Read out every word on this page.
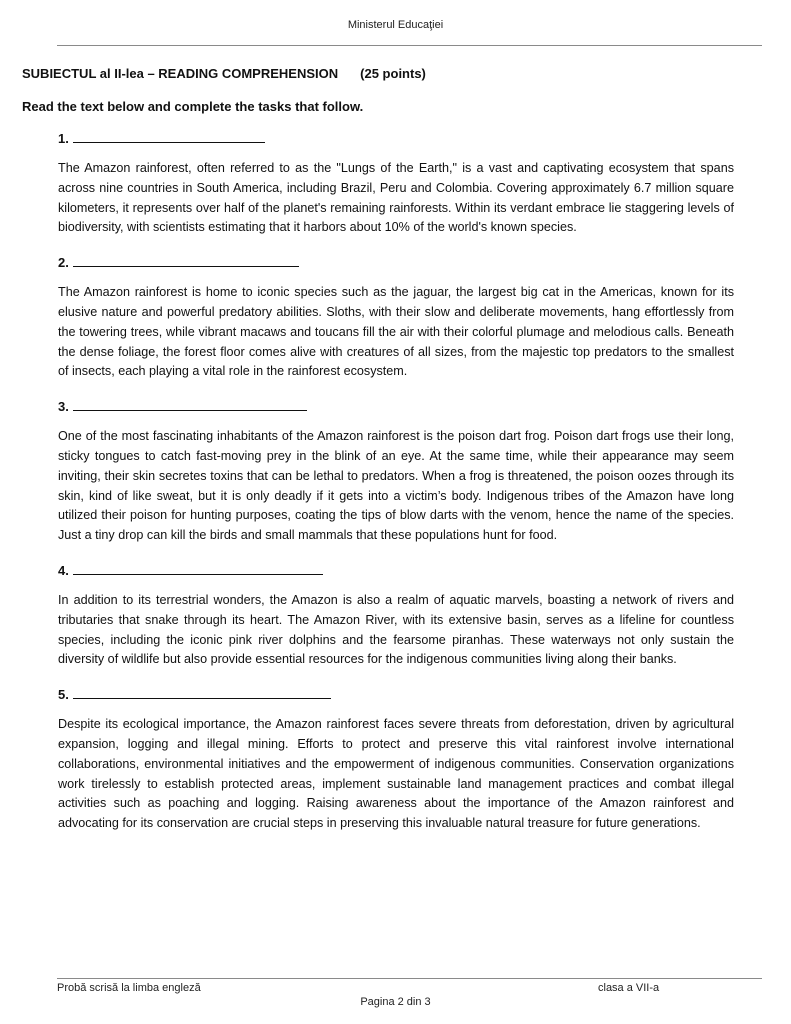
Ministerul Educaţiei
SUBIECTUL al II-lea – READING COMPREHENSION (25 points)
Read the text below and complete the tasks that follow.
1.

The Amazon rainforest, often referred to as the "Lungs of the Earth," is a vast and captivating ecosystem that spans across nine countries in South America, including Brazil, Peru and Colombia. Covering approximately 6.7 million square kilometers, it represents over half of the planet's remaining rainforests. Within its verdant embrace lie staggering levels of biodiversity, with scientists estimating that it harbors about 10% of the world's known species.

2.

The Amazon rainforest is home to iconic species such as the jaguar, the largest big cat in the Americas, known for its elusive nature and powerful predatory abilities. Sloths, with their slow and deliberate movements, hang effortlessly from the towering trees, while vibrant macaws and toucans fill the air with their colorful plumage and melodious calls. Beneath the dense foliage, the forest floor comes alive with creatures of all sizes, from the majestic top predators to the smallest of insects, each playing a vital role in the rainforest ecosystem.

3.

One of the most fascinating inhabitants of the Amazon rainforest is the poison dart frog. Poison dart frogs use their long, sticky tongues to catch fast-moving prey in the blink of an eye. At the same time, while their appearance may seem inviting, their skin secretes toxins that can be lethal to predators. When a frog is threatened, the poison oozes through its skin, kind of like sweat, but it is only deadly if it gets into a victim’s body. Indigenous tribes of the Amazon have long utilized their poison for hunting purposes, coating the tips of blow darts with the venom, hence the name of the species. Just a tiny drop can kill the birds and small mammals that these populations hunt for food.

4.

In addition to its terrestrial wonders, the Amazon is also a realm of aquatic marvels, boasting a network of rivers and tributaries that snake through its heart. The Amazon River, with its extensive basin, serves as a lifeline for countless species, including the iconic pink river dolphins and the fearsome piranhas. These waterways not only sustain the diversity of wildlife but also provide essential resources for the indigenous communities living along their banks.

5.

Despite its ecological importance, the Amazon rainforest faces severe threats from deforestation, driven by agricultural expansion, logging and illegal mining. Efforts to protect and preserve this vital rainforest involve international collaborations, environmental initiatives and the empowerment of indigenous communities. Conservation organizations work tirelessly to establish protected areas, implement sustainable land management practices and combat illegal activities such as poaching and logging. Raising awareness about the importance of the Amazon rainforest and advocating for its conservation are crucial steps in preserving this invaluable natural treasure for future generations.

Probă scrisă la limba engleză	clasa a VII-a
Pagina 2 din 3
